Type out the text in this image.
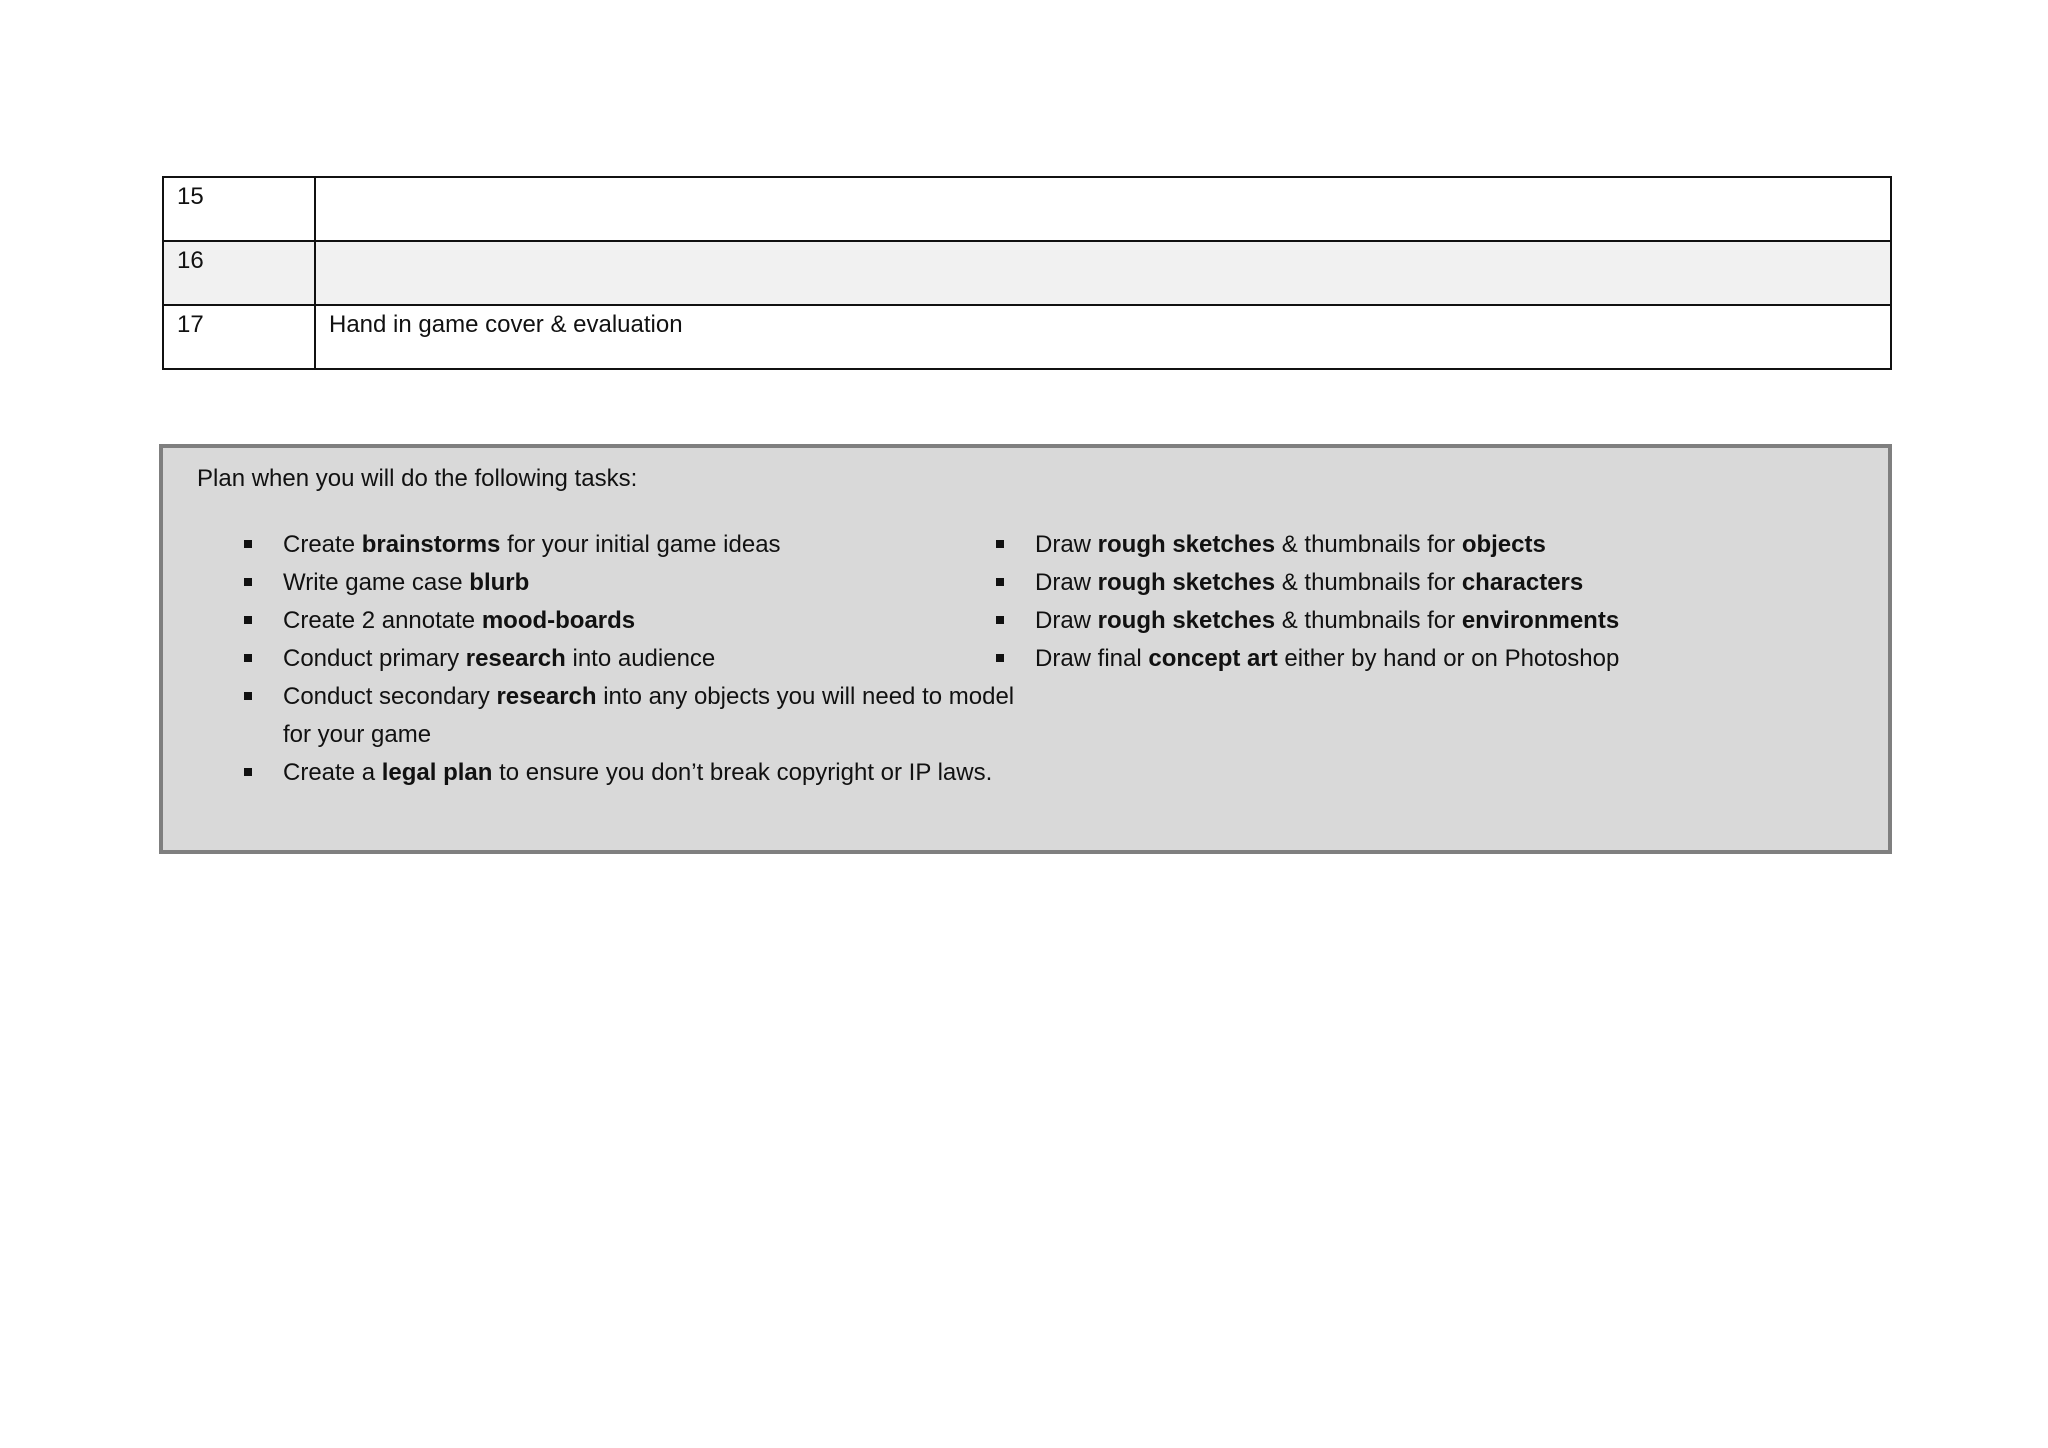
15	
16	
17	Hand in game cover & evaluation

Plan when you will do the following tasks:

Create brainstorms for your initial game ideas
Write game case blurb
Create 2 annotate mood-boards
Conduct primary research into audience
Conduct secondary research into any objects you will need to model for your game
Create a legal plan to ensure you don’t break copyright or IP laws.
Draw rough sketches & thumbnails for objects
Draw rough sketches & thumbnails for characters
Draw rough sketches & thumbnails for environments
Draw final concept art either by hand or on Photoshop
